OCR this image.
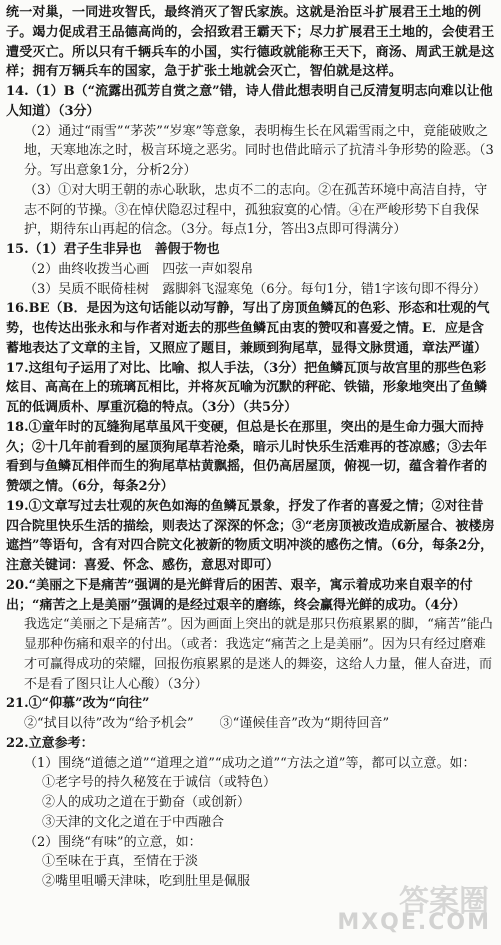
统一对巢，一同进攻智氏，最终消灭了智氏家族。这就是治臣斗扩展君王土地的例子。竭力促成君王品德高尚的，会招致君王霸天下；尽力扩展君王土地的，会使君王遭受灭亡。所以只有千辆兵车的小国，实行德政就能称王天下，商汤、周武王就是这样；拥有万辆兵车的国家，急于扩张土地就会灭亡，智伯就是这样。

14.（1）B（“流露出孤芳自赏之意”错，诗人借此想表明自己反清复明志向难以让他人知道）（3分）

（2）通过“雨雪”“茅茨”“岁寒”等意象，表明梅生长在风霜雪雨之中，竟能破败之地，天寒地冻之时，极言环境之恶劣。同时也借此暗示了抗清斗争形势的险恶。（3分。写出意象1分，分析2分）

（3）①对大明王朝的赤心耿耿，忠贞不二的志向。②在孤苦环境中高洁自持，守志不阿的节操。③在悼伏隐忍过程中，孤独寂寞的心情。④在严峻形势下自我保护，期待东山再起的信念。（3分。每点1分，答出3点即可得满分）

15.（1）君子生非异也　善假于物也

（2）曲终收拨当心画　四弦一声如裂帛

（3）吴质不眠倚桂树　露脚斜飞湿寒兔（6分。每句1分，错1字该句即不得分）

16.BE（B．是因为这句话能以动写静，写出了房顶鱼鳞瓦的色彩、形态和壮观的气势，也传达出张永和与作者对逝去的那些鱼鳞瓦由衷的赞叹和喜爱之情。E．应是含蓄地表达了文章的主旨，又照应了题目，兼顾到狗尾草，显得文脉贯通，章法严谨）

17.这组句子运用了对比、比喻、拟人手法，（3分）把鱼鳞瓦顶与故宫里的那些色彩炫目、高高在上的琉璃瓦相比，并将灰瓦喻为沉默的秤砣、铁锚，形象地突出了鱼鳞瓦的低调质朴、厚重沉稳的特点。（3分）（共5分）

18.①童年时的瓦缝狗尾草虽风干变硬，但总是长在那里，突出的是生命力强大而持久；②十几年前看到的屋顶狗尾草若沧桑，暗示儿时快乐生活难再的苍凉感；③去年看到与鱼鳞瓦相伴而生的狗尾草枯黄飘摇，但仍高居屋顶，俯视一切，蕴含着作者的赞颂之情。（6分，每条2分）

19.①文章写过去壮观的灰色如海的鱼鳞瓦景象，抒发了作者的喜爱之情；②对往昔四合院里快乐生活的描绘，则表达了深深的怀念；③“老房顶被改造成新屋合、被楼房遮挡”等语句，含有对四合院文化被新的物质文明冲淡的感伤之情。（6分，每条2分，注意关键词：喜爱、怀念、感伤，意思对即可）

20.“美丽之下是痛苦”强调的是光鲜背后的困苦、艰辛，寓示着成功来自艰辛的付出；“痛苦之上是美丽”强调的是经过艰辛的磨练，终会赢得光鲜的成功。（4分）

我选定“美丽之下是痛苦”。因为画面上突出的就是那只伤痕累累的脚，“痛苦”能凸显那种伤痛和艰辛的付出。（或者：我选定“痛苦之上是美丽”。因为只有经过磨难才可赢得成功的荣耀，回报伤痕累累的是迷人的舞姿，这给人力量，催人奋进，而不是看了图只让人心酸）（3分）

21.①“仰慕”改为“向往”

②“拭目以待”改为“给予机会”　　③“谨候佳音”改为“期待回音”

22.立意参考：

（1）围绕“道德之道”“道理之道”“成功之道”“方法之道”等，都可以立意。如：

①老字号的持久秘笈在于诚信（或特色）

②人的成功之道在于勤奋（或创新）

③天津的文化之道在于中西融合

（2）围绕“有味”的立意，如：

①至味在于真，至情在于淡

②嘴里咀嚼天津味，吃到肚里是佩服

答案圈
MXQE.COM
